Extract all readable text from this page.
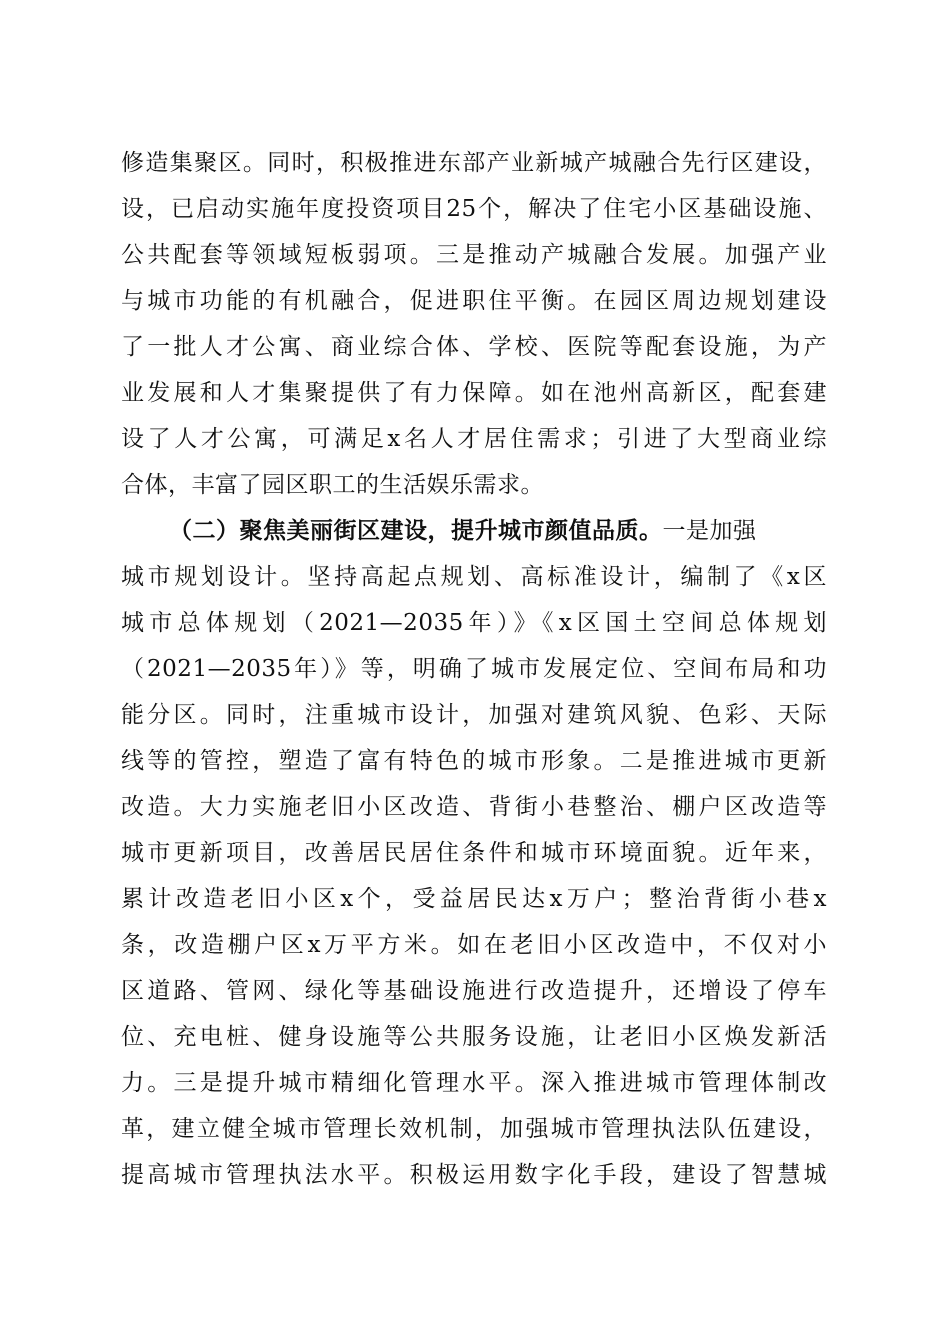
修造集聚区。同时，积极推进东部产业新城产城融合先行区建设，
设，已启动实施年度投资项目25个，解决了住宅小区基础设施、
公共配套等领域短板弱项。三是推动产城融合发展。加强产业
与城市功能的有机融合，促进职住平衡。在园区周边规划建设
了一批人才公寓、商业综合体、学校、医院等配套设施，为产
业发展和人才集聚提供了有力保障。如在池州高新区，配套建
设了人才公寓，可满足x名人才居住需求；引进了大型商业综
合体，丰富了园区职工的生活娱乐需求。
（二）聚焦美丽街区建设，提升城市颜值品质。一是加强
城市规划设计。坚持高起点规划、高标准设计，编制了《x区
城市总体规划（2021—2035年）》《x区国土空间总体规划
（2021—2035年）》等，明确了城市发展定位、空间布局和功
能分区。同时，注重城市设计，加强对建筑风貌、色彩、天际
线等的管控，塑造了富有特色的城市形象。二是推进城市更新
改造。大力实施老旧小区改造、背街小巷整治、棚户区改造等
城市更新项目，改善居民居住条件和城市环境面貌。近年来，
累计改造老旧小区x个，受益居民达x万户；整治背街小巷x
条，改造棚户区x万平方米。如在老旧小区改造中，不仅对小
区道路、管网、绿化等基础设施进行改造提升，还增设了停车
位、充电桩、健身设施等公共服务设施，让老旧小区焕发新活
力。三是提升城市精细化管理水平。深入推进城市管理体制改
革，建立健全城市管理长效机制，加强城市管理执法队伍建设，
提高城市管理执法水平。积极运用数字化手段，建设了智慧城
